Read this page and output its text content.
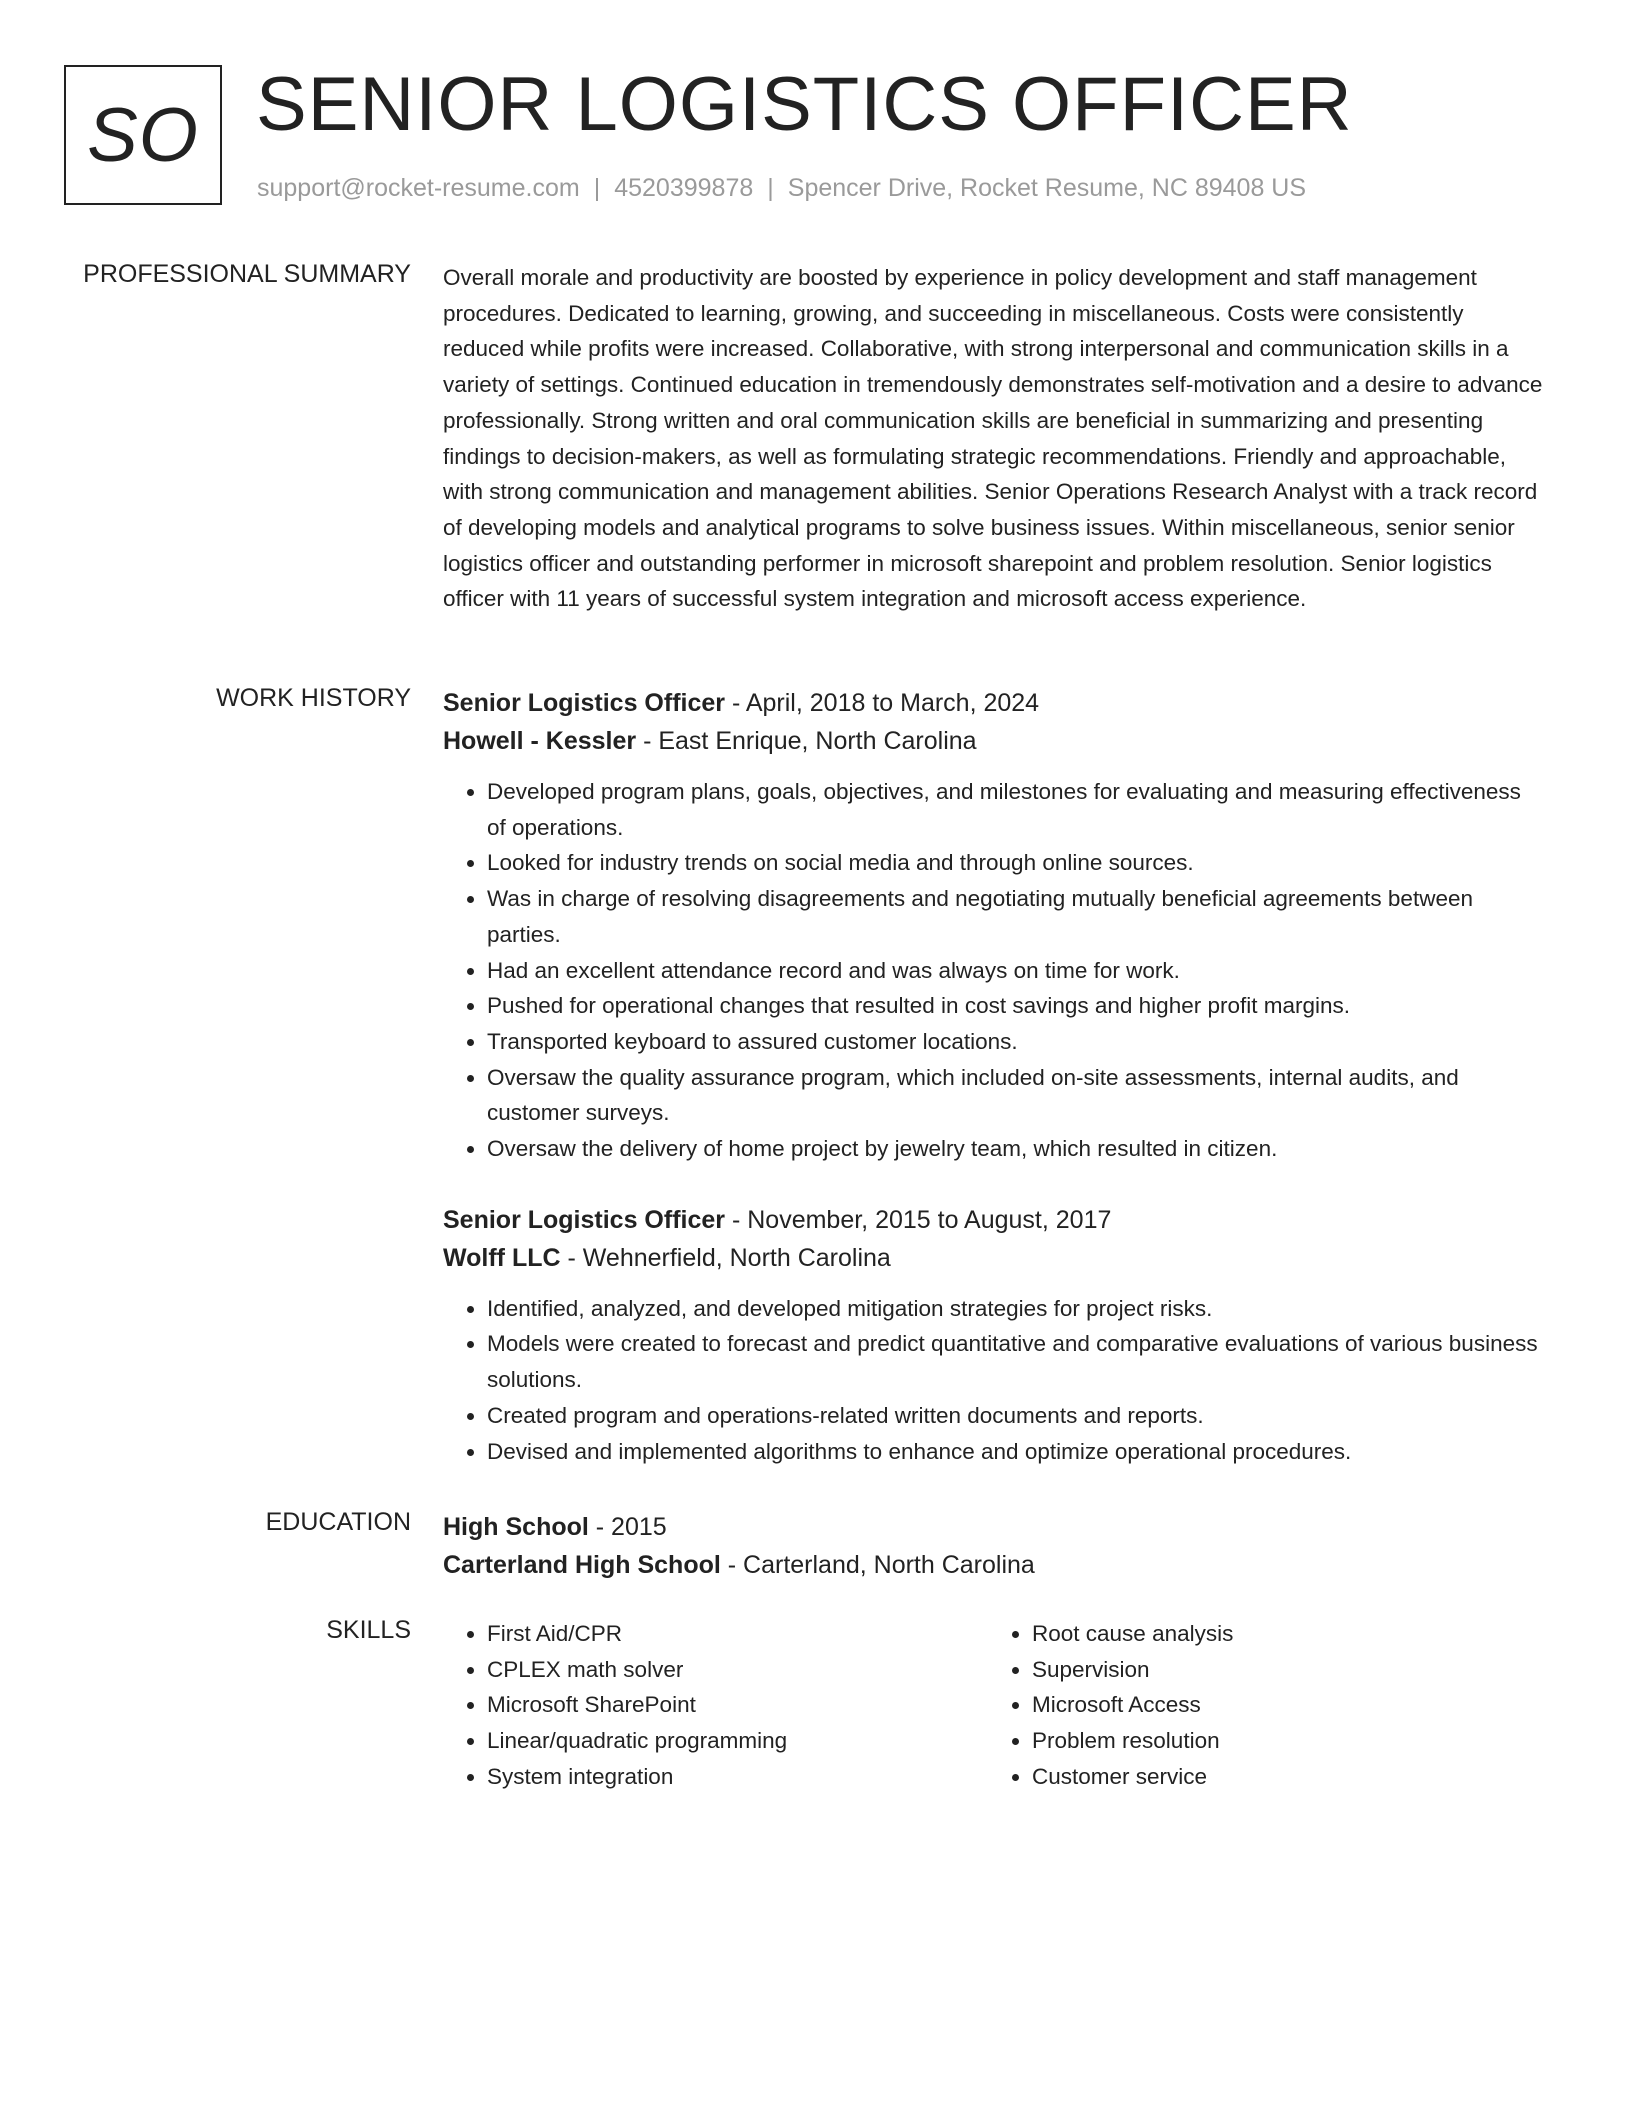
SO SENIOR LOGISTICS OFFICER
support@rocket-resume.com | 4520399878 | Spencer Drive, Rocket Resume, NC 89408 US
PROFESSIONAL SUMMARY Overall morale and productivity are boosted by experience in policy development and staff management procedures. Dedicated to learning, growing, and succeeding in miscellaneous. Costs were consistently reduced while profits were increased. Collaborative, with strong interpersonal and communication skills in a variety of settings. Continued education in tremendously demonstrates self-motivation and a desire to advance professionally. Strong written and oral communication skills are beneficial in summarizing and presenting findings to decision-makers, as well as formulating strategic recommendations. Friendly and approachable, with strong communication and management abilities. Senior Operations Research Analyst with a track record of developing models and analytical programs to solve business issues. Within miscellaneous, senior senior logistics officer and outstanding performer in microsoft sharepoint and problem resolution. Senior logistics officer with 11 years of successful system integration and microsoft access experience.

WORK HISTORY Senior Logistics Officer - April, 2018 to March, 2024
Howell - Kessler - East Enrique, North Carolina
• Developed program plans, goals, objectives, and milestones for evaluating and measuring effectiveness of operations.
• Looked for industry trends on social media and through online sources.
• Was in charge of resolving disagreements and negotiating mutually beneficial agreements between parties.
• Had an excellent attendance record and was always on time for work.
• Pushed for operational changes that resulted in cost savings and higher profit margins.
• Transported keyboard to assured customer locations.
• Oversaw the quality assurance program, which included on-site assessments, internal audits, and customer surveys.
• Oversaw the delivery of home project by jewelry team, which resulted in citizen.
Senior Logistics Officer - November, 2015 to August, 2017
Wolff LLC - Wehnerfield, North Carolina
• Identified, analyzed, and developed mitigation strategies for project risks.
• Models were created to forecast and predict quantitative and comparative evaluations of various business solutions.
• Created program and operations-related written documents and reports.
• Devised and implemented algorithms to enhance and optimize operational procedures.
EDUCATION High School - 2015
Carterland High School - Carterland, North Carolina
SKILLS
•	First Aid/CPR
• CPLEX math solver
• Microsoft SharePoint
• Linear/quadratic programming
• System integration
• Root cause analysis
• Supervision
• Microsoft Access
• Problem resolution
• Customer service
